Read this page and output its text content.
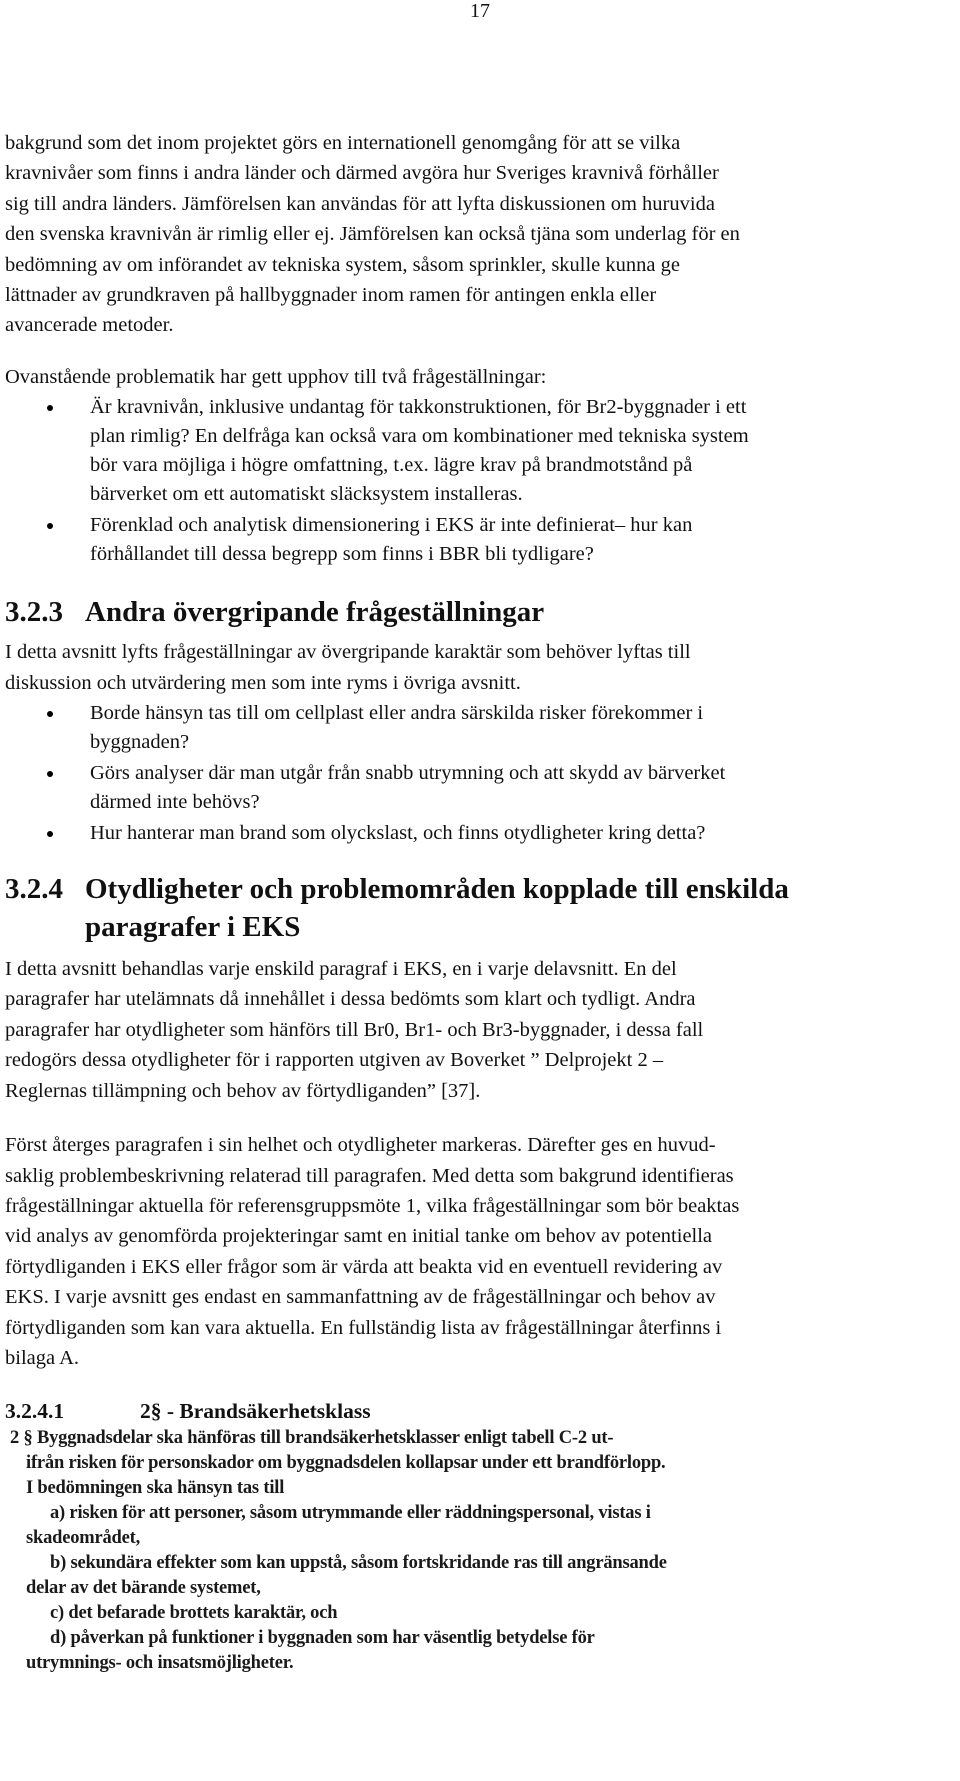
17

bakgrund som det inom projektet görs en internationell genomgång för att se vilka

kravnivåer som finns i andra länder och därmed avgöra hur Sveriges kravnivå förhåller

sig till andra länders. Jämförelsen kan användas för att lyfta diskussionen om huruvida

den svenska kravnivån är rimlig eller ej. Jämförelsen kan också tjäna som underlag för en

bedömning av om införandet av tekniska system, såsom sprinkler, skulle kunna ge

lättnader av grundkraven på hallbyggnader inom ramen för antingen enkla eller

avancerade metoder.

Ovanstående problematik har gett upphov till två frågeställningar:

Är kravnivån, inklusive undantag för takkonstruktionen, för Br2-byggnader i ett
plan rimlig? En delfråga kan också vara om kombinationer med tekniska system
bör vara möjliga i högre omfattning, t.ex. lägre krav på brandmotstånd på
bärverket om ett automatiskt släcksystem installeras.
Förenklad och analytisk dimensionering i EKS är inte definierat– hur kan
förhållandet till dessa begrepp som finns i BBR bli tydligare?
3.2.3 Andra övergripande frågeställningar

I detta avsnitt lyfts frågeställningar av övergripande karaktär som behöver lyftas till

diskussion och utvärdering men som inte ryms i övriga avsnitt.

Borde hänsyn tas till om cellplast eller andra särskilda risker förekommer i
byggnaden?
Görs analyser där man utgår från snabb utrymning och att skydd av bärverket
därmed inte behövs?
Hur hanterar man brand som olyckslast, och finns otydligheter kring detta?
3.2.4 Otydligheter och problemområden kopplade till enskilda
paragrafer i EKS

I detta avsnitt behandlas varje enskild paragraf i EKS, en i varje delavsnitt. En del

paragrafer har utelämnats då innehållet i dessa bedömts som klart och tydligt. Andra

paragrafer har otydligheter som hänförs till Br0, Br1- och Br3-byggnader, i dessa fall

redogörs dessa otydligheter för i rapporten utgiven av Boverket ” Delprojekt 2 –

Reglernas tillämpning och behov av förtydliganden” [37].

Först återges paragrafen i sin helhet och otydligheter markeras. Därefter ges en huvud-

saklig problembeskrivning relaterad till paragrafen. Med detta som bakgrund identifieras

frågeställningar aktuella för referensgruppsmöte 1, vilka frågeställningar som bör beaktas

vid analys av genomförda projekteringar samt en initial tanke om behov av potentiella

förtydliganden i EKS eller frågor som är värda att beakta vid en eventuell revidering av

EKS. I varje avsnitt ges endast en sammanfattning av de frågeställningar och behov av

förtydliganden som kan vara aktuella. En fullständig lista av frågeställningar återfinns i

bilaga A.

3.2.4.1	2§ - Brandsäkerhetsklass
2 § Byggnadsdelar ska hänföras till brandsäkerhetsklasser enligt tabell C-2 ut-
ifrån risken för personskador om byggnadsdelen kollapsar under ett brandförlopp.
I bedömningen ska hänsyn tas till
a) risken för att personer, såsom utrymmande eller räddningspersonal, vistas i
skadeområdet,
b) sekundära effekter som kan uppstå, såsom fortskridande ras till angränsande
delar av det bärande systemet,
c) det befarade brottets karaktär, och
d) påverkan på funktioner i byggnaden som har väsentlig betydelse för
utrymnings- och insatsmöjligheter.
